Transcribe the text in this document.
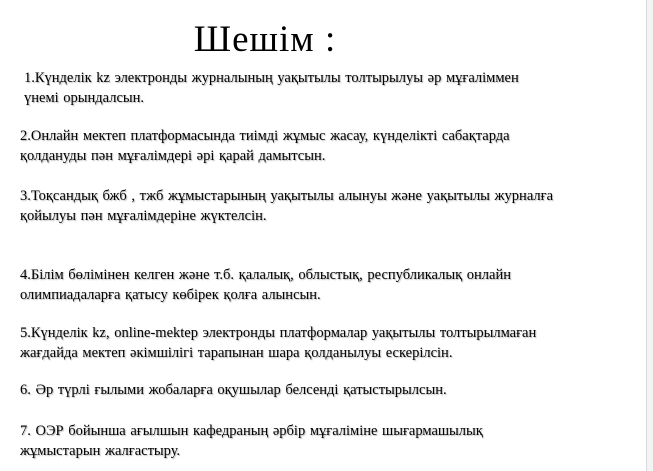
Шешім :
1.Күнделік kz электронды журналының уақытылы толтырылуы әр мұғаліммен
үнемі орындалсын.
2.Онлайн мектеп платформасында тиімді жұмыс жасау, күнделікті сабақтарда
қолдануды пән мұғалімдері әрі қарай дамытсын.
3.Тоқсандық бжб , тжб жұмыстарының уақытылы алынуы және уақытылы журналға
қойылуы пән мұғалімдеріне жүктелсін.
4.Білім бөлімінен келген және т.б. қалалық, облыстық, республикалық онлайн
олимпиадаларға қатысу көбірек қолға алынсын.
5.Күнделік kz, online-mektep электронды платформалар уақытылы толтырылмаған
жағдайда мектеп әкімшілігі тарапынан шара қолданылуы ескерілсін.
6. Әр түрлі ғылыми жобаларға оқушылар белсенді қатыстырылсын.
7. ОЭР бойынша ағылшын кафедраның әрбір мұғаліміне шығармашылық
жұмыстарын жалғастыру.
